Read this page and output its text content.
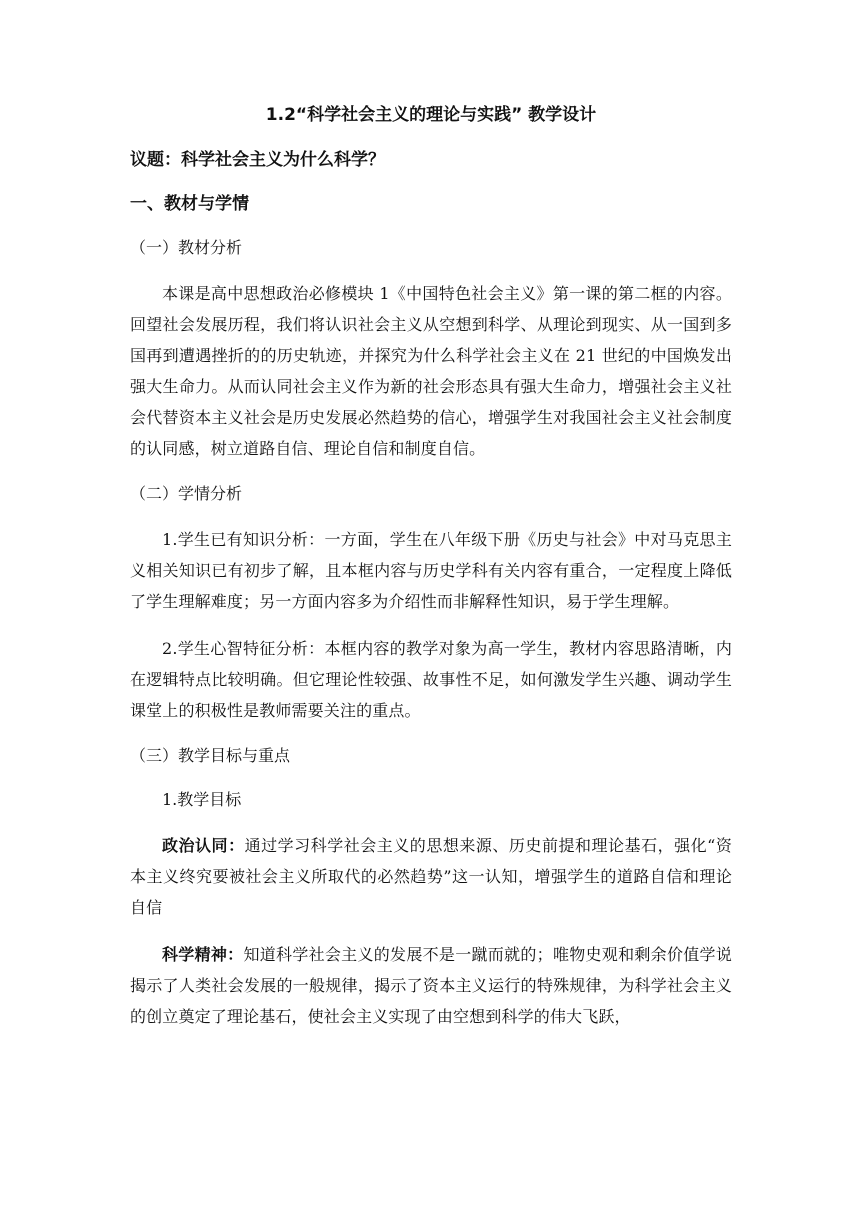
1.2“科学社会主义的理论与实践” 教学设计
议题：科学社会主义为什么科学？
一、教材与学情
（一）教材分析

本课是高中思想政治必修模块 1《中国特色社会主义》第一课的第二框的内容。回望社会发展历程，我们将认识社会主义从空想到科学、从理论到现实、从一国到多国再到遭遇挫折的的历史轨迹，并探究为什么科学社会主义在 21 世纪的中国焕发出强大生命力。从而认同社会主义作为新的社会形态具有强大生命力，增强社会主义社会代替资本主义社会是历史发展必然趋势的信心，增强学生对我国社会主义社会制度的认同感，树立道路自信、理论自信和制度自信。

（二）学情分析

1.学生已有知识分析：一方面，学生在八年级下册《历史与社会》中对马克思主义相关知识已有初步了解，且本框内容与历史学科有关内容有重合，一定程度上降低了学生理解难度；另一方面内容多为介绍性而非解释性知识，易于学生理解。

2.学生心智特征分析：本框内容的教学对象为高一学生，教材内容思路清晰，内在逻辑特点比较明确。但它理论性较强、故事性不足，如何激发学生兴趣、调动学生课堂上的积极性是教师需要关注的重点。

（三）教学目标与重点
1.教学目标

政治认同：通过学习科学社会主义的思想来源、历史前提和理论基石，强化“资本主义终究要被社会主义所取代的必然趋势”这一认知，增强学生的道路自信和理论自信

科学精神：知道科学社会主义的发展不是一蹴而就的；唯物史观和剩余价值学说揭示了人类社会发展的一般规律，揭示了资本主义运行的特殊规律，为科学社会主义的创立奠定了理论基石，使社会主义实现了由空想到科学的伟大飞跃，
